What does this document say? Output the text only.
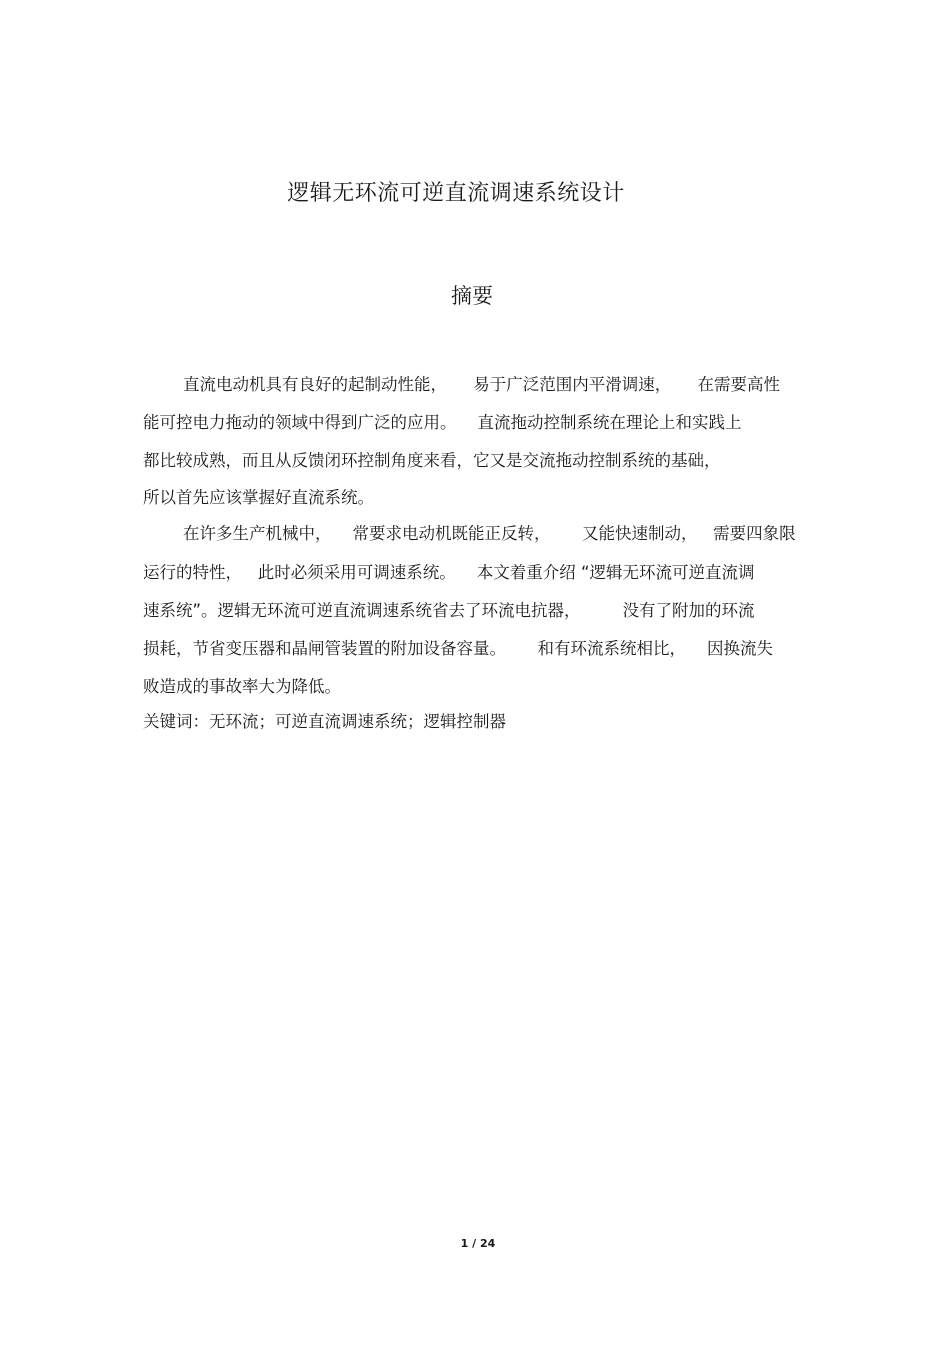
逻辑无环流可逆直流调速系统设计
摘要
直流电动机具有良好的起制动性能，     易于广泛范围内平滑调速，     在需要高性
能可控电力拖动的领域中得到广泛的应用。    直流拖动控制系统在理论上和实践上
都比较成熟，而且从反馈闭环控制角度来看，它又是交流拖动控制系统的基础，
所以首先应该掌握好直流系统。
在许多生产机械中，    常要求电动机既能正反转，      又能快速制动，   需要四象限
运行的特性，   此时必须采用可调速系统。    本文着重介绍 “逻辑无环流可逆直流调
速系统”。逻辑无环流可逆直流调速系统省去了环流电抗器，        没有了附加的环流
损耗，节省变压器和晶闸管装置的附加设备容量。      和有环流系统相比，    因换流失
败造成的事故率大为降低。
关键词：无环流；可逆直流调速系统；逻辑控制器
1 / 24
